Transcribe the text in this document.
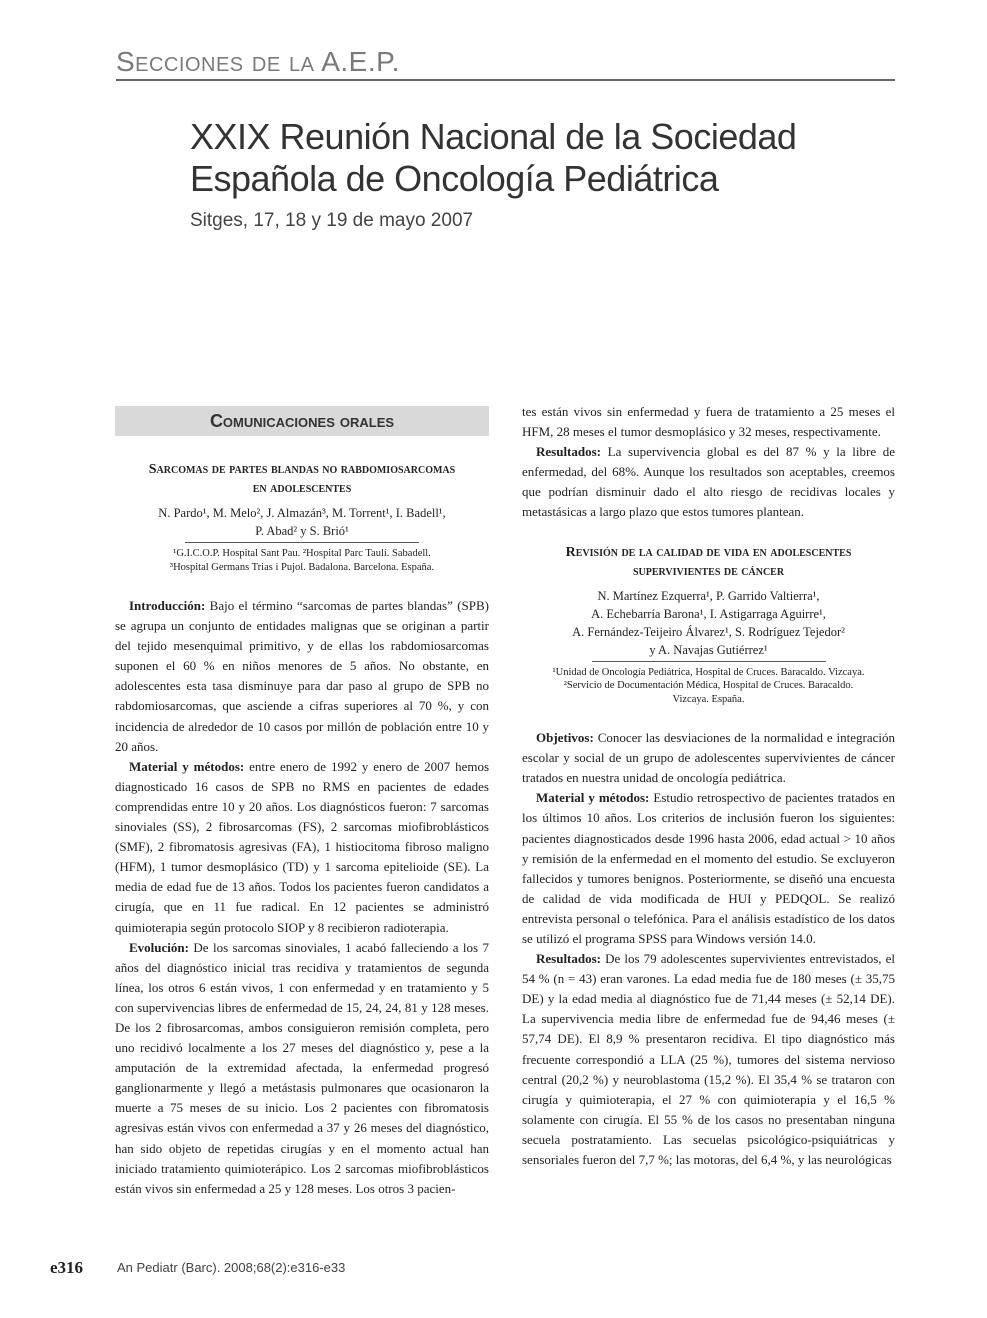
Secciones de la A.E.P.
XXIX Reunión Nacional de la Sociedad
Española de Oncología Pediátrica
Sitges, 17, 18 y 19 de mayo 2007
Comunicaciones orales
Sarcomas de partes blandas no rabdomiosarcomas
en adolescentes
N. Pardo¹, M. Melo², J. Almazán³, M. Torrent¹, I. Badell¹,
P. Abad² y S. Brió¹
¹G.I.C.O.P. Hospital Sant Pau. ²Hospital Parc Taulí. Sabadell.
³Hospital Germans Trias i Pujol. Badalona. Barcelona. España.

Introducción: Bajo el término “sarcomas de partes blandas” (SPB) se agrupa un conjunto de entidades malignas que se originan a partir del tejido mesenquimal primitivo, y de ellas los rabdomiosarcomas suponen el 60 % en niños menores de 5 años. No obstante, en adolescentes esta tasa disminuye para dar paso al grupo de SPB no rabdomiosarcomas, que asciende a cifras superiores al 70 %, y con incidencia de alrededor de 10 casos por millón de población entre 10 y 20 años.

Material y métodos: entre enero de 1992 y enero de 2007 hemos diagnosticado 16 casos de SPB no RMS en pacientes de edades comprendidas entre 10 y 20 años. Los diagnósticos fueron: 7 sarcomas sinoviales (SS), 2 fibrosarcomas (FS), 2 sarcomas miofibroblásticos (SMF), 2 fibromatosis agresivas (FA), 1 histiocitoma fibroso maligno (HFM), 1 tumor desmoplásico (TD) y 1 sarcoma epitelioide (SE). La media de edad fue de 13 años. Todos los pacientes fueron candidatos a cirugía, que en 11 fue radical. En 12 pacientes se administró quimioterapia según protocolo SIOP y 8 recibieron radioterapia.

Evolución: De los sarcomas sinoviales, 1 acabó falleciendo a los 7 años del diagnóstico inicial tras recidiva y tratamientos de segunda línea, los otros 6 están vivos, 1 con enfermedad y en tratamiento y 5 con supervivencias libres de enfermedad de 15, 24, 24, 81 y 128 meses. De los 2 fibrosarcomas, ambos consiguieron remisión completa, pero uno recidivó localmente a los 27 meses del diagnóstico y, pese a la amputación de la extremidad afectada, la enfermedad progresó ganglionarmente y llegó a metástasis pulmonares que ocasionaron la muerte a 75 meses de su inicio. Los 2 pacientes con fibromatosis agresivas están vivos con enfermedad a 37 y 26 meses del diagnóstico, han sido objeto de repetidas cirugías y en el momento actual han iniciado tratamiento quimioterápico. Los 2 sarcomas miofibroblásticos están vivos sin enfermedad a 25 y 128 meses. Los otros 3 pacien-

tes están vivos sin enfermedad y fuera de tratamiento a 25 meses el HFM, 28 meses el tumor desmoplásico y 32 meses, respectivamente.

Resultados: La supervivencia global es del 87 % y la libre de enfermedad, del 68%. Aunque los resultados son aceptables, creemos que podrían disminuir dado el alto riesgo de recidivas locales y metastásicas a largo plazo que estos tumores plantean.

Revisión de la calidad de vida en adolescentes
supervivientes de cáncer
N. Martínez Ezquerra¹, P. Garrido Valtierra¹,
A. Echebarría Barona¹, I. Astigarraga Aguirre¹,
A. Fernández-Teijeiro Álvarez¹, S. Rodríguez Tejedor²
y A. Navajas Gutiérrez¹
¹Unidad de Oncología Pediátrica, Hospital de Cruces. Baracaldo. Vizcaya.
²Servicio de Documentación Médica, Hospital de Cruces. Baracaldo.
Vizcaya. España.

Objetivos: Conocer las desviaciones de la normalidad e integración escolar y social de un grupo de adolescentes supervivientes de cáncer tratados en nuestra unidad de oncología pediátrica.

Material y métodos: Estudio retrospectivo de pacientes tratados en los últimos 10 años. Los criterios de inclusión fueron los siguientes: pacientes diagnosticados desde 1996 hasta 2006, edad actual > 10 años y remisión de la enfermedad en el momento del estudio. Se excluyeron fallecidos y tumores benignos. Posteriormente, se diseñó una encuesta de calidad de vida modificada de HUI y PEDQOL. Se realizó entrevista personal o telefónica. Para el análisis estadístico de los datos se utilizó el programa SPSS para Windows versión 14.0.

Resultados: De los 79 adolescentes supervivientes entrevistados, el 54 % (n = 43) eran varones. La edad media fue de 180 meses (± 35,75 DE) y la edad media al diagnóstico fue de 71,44 meses (± 52,14 DE). La supervivencia media libre de enfermedad fue de 94,46 meses (± 57,74 DE). El 8,9 % presentaron recidiva. El tipo diagnóstico más frecuente correspondió a LLA (25 %), tumores del sistema nervioso central (20,2 %) y neuroblastoma (15,2 %). El 35,4 % se trataron con cirugía y quimioterapia, el 27 % con quimioterapia y el 16,5 % solamente con cirugía. El 55 % de los casos no presentaban ninguna secuela postratamiento. Las secuelas psicológico-psiquiátricas y sensoriales fueron del 7,7 %; las motoras, del 6,4 %, y las neurológicas

e316	An Pediatr (Barc). 2008;68(2):e316-e33
